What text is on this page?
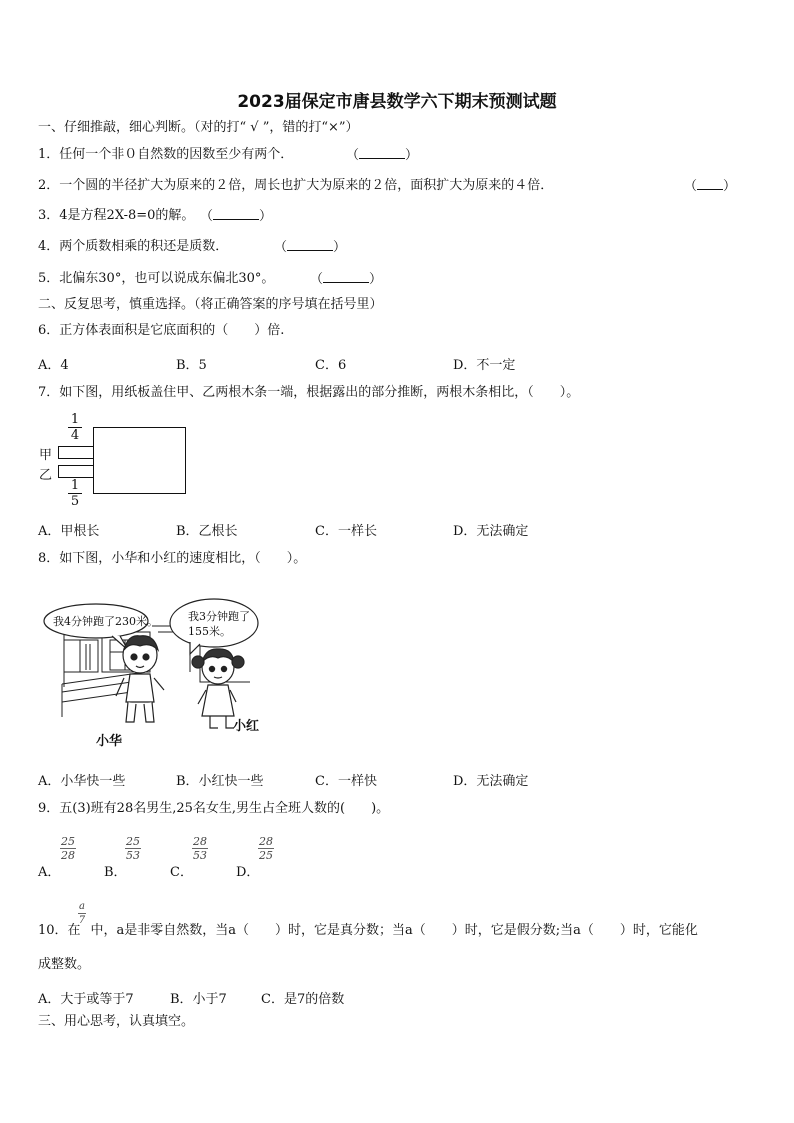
2023届保定市唐县数学六下期末预测试题
一、仔细推敲，细心判断。（对的打“ √ ”，错的打“×”）
1．任何一个非０自然数的因数至少有两个．	（	）
2．一个圆的半径扩大为原来的２倍，周长也扩大为原来的２倍，面积扩大为原来的４倍．	（ ）
3．4是方程2X-8=0的解。 （	）
4．两个质数相乘的积还是质数．	（	）
5．北偏东30°，也可以说成东偏北30°。	（	）
二、反复思考，慎重选择。（将正确答案的序号填在括号里）
6．正方体表面积是它底面积的（　　）倍.
A．4	B．5	C．6	D．不一定
7．如下图，用纸板盖住甲、乙两根木条一端，根据露出的部分推断，两根木条相比，（　　）。
1
4
甲
乙
1
5
A．甲根长	B．乙根长	C．一样长	D．无法确定
8．如下图，小华和小红的速度相比，（　　）。
我4分钟跑了230米。	我3分钟跑了
155米。
小华
小红
A．小华快一些	B．小红快一些	C．一样快	D．无法确定
9．五(3)班有28名男生,25名女生,男生占全班人数的(　　)。
A．
$\frac{25}{28}$
B．
$\frac{25}{53}$
C．
$\frac{28}{53}$
D．
$\frac{28}{25}$
10．在 中，a是非零自然数，当a（　　）时，它是真分数；当a（　　）时，它是假分数;当a（　　）时，它能化
$\frac{a}{7}$
成整数。
A．大于或等于7	B．小于7	C．是7的倍数
三、用心思考，认真填空。
